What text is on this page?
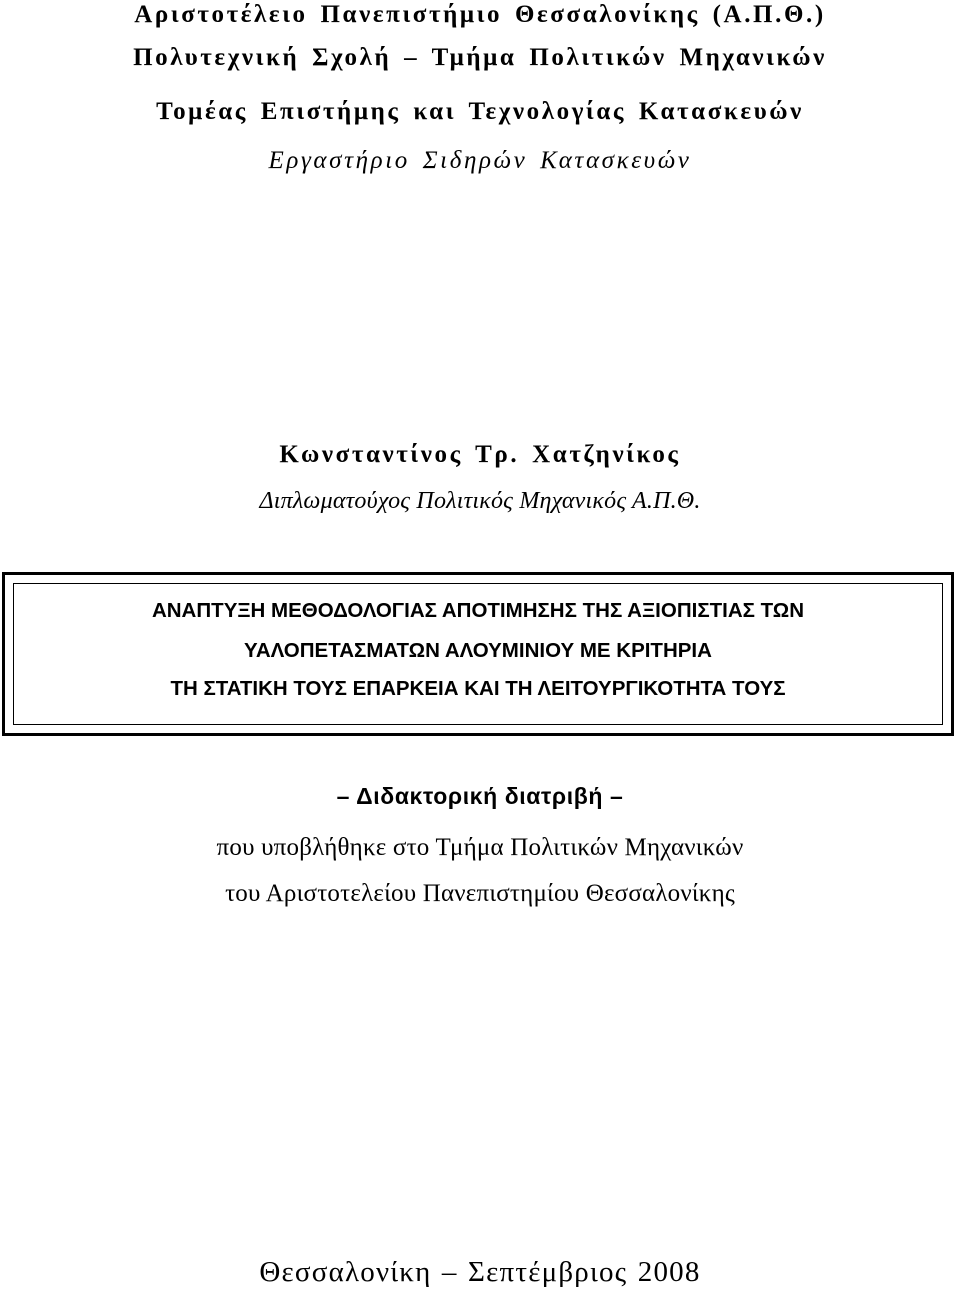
Αριστοτέλειο Πανεπιστήμιο Θεσσαλονίκης (Α.Π.Θ.)
Πολυτεχνική Σχολή – Τμήμα Πολιτικών Μηχανικών
Τομέας Επιστήμης και Τεχνολογίας Κατασκευών
Εργαστήριο Σιδηρών Κατασκευών
Κωνσταντίνος Τρ. Χατζηνίκος
Διπλωματούχος Πολιτικός Μηχανικός Α.Π.Θ.
ΑΝΑΠΤΥΞΗ ΜΕΘΟΔΟΛΟΓΙΑΣ ΑΠΟΤΙΜΗΣΗΣ ΤΗΣ ΑΞΙΟΠΙΣΤΙΑΣ ΤΩΝ
ΥΑΛΟΠΕΤΑΣΜΑΤΩΝ ΑΛΟΥΜΙΝΙΟΥ ΜΕ ΚΡΙΤΗΡΙΑ
ΤΗ ΣΤΑΤΙΚΗ ΤΟΥΣ ΕΠΑΡΚΕΙΑ ΚΑΙ ΤΗ ΛΕΙΤΟΥΡΓΙΚΟΤΗΤΑ ΤΟΥΣ
– Διδακτορική διατριβή –
που υποβλήθηκε στο Τμήμα Πολιτικών Μηχανικών
του Αριστοτελείου Πανεπιστημίου Θεσσαλονίκης
Θεσσαλονίκη – Σεπτέμβριος 2008
